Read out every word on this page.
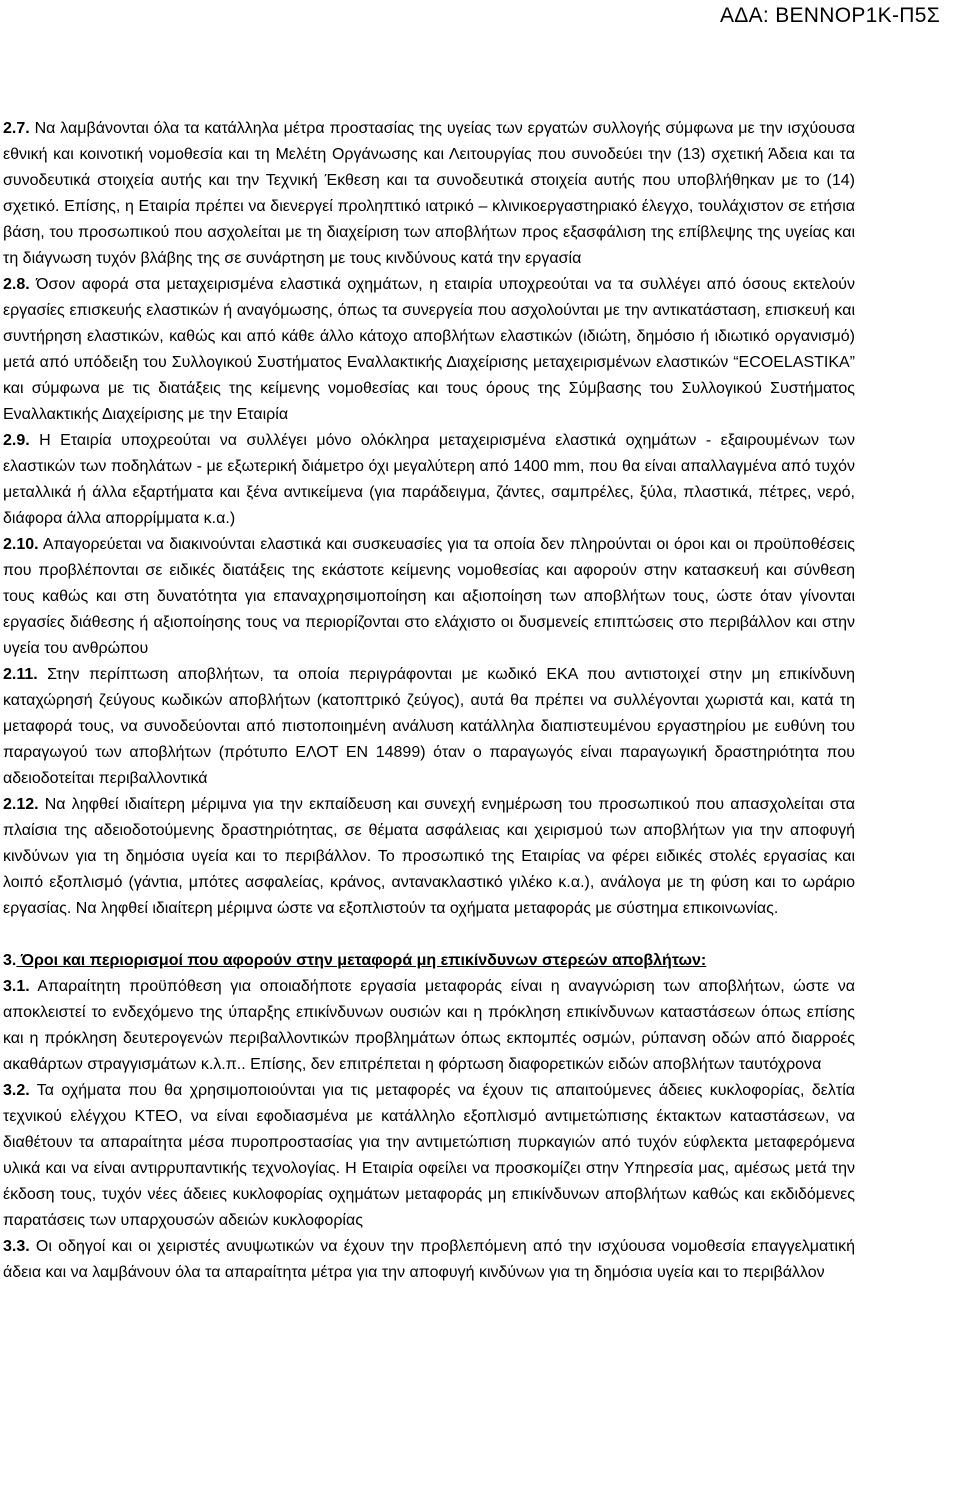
ΑΔΑ: ΒΕΝΝΟΡ1Κ-Π5Σ

2.7. Να λαμβάνονται όλα τα κατάλληλα μέτρα προστασίας της υγείας των εργατών συλλογής σύμφωνα με την ισχύουσα εθνική και κοινοτική νομοθεσία και τη Μελέτη Οργάνωσης και Λειτουργίας που συνοδεύει την (13) σχετική Άδεια και τα συνοδευτικά στοιχεία αυτής και την Τεχνική Έκθεση και τα συνοδευτικά στοιχεία αυτής που υποβλήθηκαν με το (14) σχετικό. Επίσης, η Εταιρία πρέπει να διενεργεί προληπτικό ιατρικό – κλινικοεργαστηριακό έλεγχο, τουλάχιστον σε ετήσια βάση, του προσωπικού που ασχολείται με τη διαχείριση των αποβλήτων προς εξασφάλιση της επίβλεψης της υγείας και τη διάγνωση τυχόν βλάβης της σε συνάρτηση με τους κινδύνους κατά την εργασία

2.8. Όσον αφορά στα μεταχειρισμένα ελαστικά οχημάτων, η εταιρία υποχρεούται να τα συλλέγει από όσους εκτελούν εργασίες επισκευής ελαστικών ή αναγόμωσης, όπως τα συνεργεία που ασχολούνται με την αντικατάσταση, επισκευή και συντήρηση ελαστικών, καθώς και από κάθε άλλο κάτοχο αποβλήτων ελαστικών (ιδιώτη, δημόσιο ή ιδιωτικό οργανισμό) μετά από υπόδειξη του Συλλογικού Συστήματος Εναλλακτικής Διαχείρισης μεταχειρισμένων ελαστικών “ECOELASTIKA” και σύμφωνα με τις διατάξεις της κείμενης νομοθεσίας και τους όρους της Σύμβασης του Συλλογικού Συστήματος Εναλλακτικής Διαχείρισης με την Εταιρία

2.9. Η Εταιρία υποχρεούται να συλλέγει μόνο ολόκληρα μεταχειρισμένα ελαστικά οχημάτων - εξαιρουμένων των ελαστικών των ποδηλάτων - με εξωτερική διάμετρο όχι μεγαλύτερη από 1400 mm, που θα είναι απαλλαγμένα από τυχόν μεταλλικά ή άλλα εξαρτήματα και ξένα αντικείμενα (για παράδειγμα, ζάντες, σαμπρέλες, ξύλα, πλαστικά, πέτρες, νερό, διάφορα άλλα απορρίμματα κ.α.)

2.10. Απαγορεύεται να διακινούνται ελαστικά και συσκευασίες για τα οποία δεν πληρούνται οι όροι και οι προϋποθέσεις που προβλέπονται σε ειδικές διατάξεις της εκάστοτε κείμενης νομοθεσίας και αφορούν στην κατασκευή και σύνθεση τους καθώς και στη δυνατότητα για επαναχρησιμοποίηση και αξιοποίηση των αποβλήτων τους, ώστε όταν γίνονται εργασίες διάθεσης ή αξιοποίησης τους να περιορίζονται στο ελάχιστο οι δυσμενείς επιπτώσεις στο περιβάλλον και στην υγεία του ανθρώπου

2.11. Στην περίπτωση αποβλήτων, τα οποία περιγράφονται με κωδικό ΕΚΑ που αντιστοιχεί στην μη επικίνδυνη καταχώρησή ζεύγους κωδικών αποβλήτων (κατοπτρικό ζεύγος), αυτά θα πρέπει να συλλέγονται χωριστά και, κατά τη μεταφορά τους, να συνοδεύονται από πιστοποιημένη ανάλυση κατάλληλα διαπιστευμένου εργαστηρίου με ευθύνη του παραγωγού των αποβλήτων (πρότυπο ΕΛΟΤ EN 14899) όταν ο παραγωγός είναι παραγωγική δραστηριότητα που αδειοδοτείται περιβαλλοντικά

2.12. Να ληφθεί ιδιαίτερη μέριμνα για την εκπαίδευση και συνεχή ενημέρωση του προσωπικού που απασχολείται στα πλαίσια της αδειοδοτούμενης δραστηριότητας, σε θέματα ασφάλειας και χειρισμού των αποβλήτων για την αποφυγή κινδύνων για τη δημόσια υγεία και το περιβάλλον. Το προσωπικό της Εταιρίας να φέρει ειδικές στολές εργασίας και λοιπό εξοπλισμό (γάντια, μπότες ασφαλείας, κράνος, αντανακλαστικό γιλέκο κ.α.), ανάλογα με τη φύση και το ωράριο εργασίας. Να ληφθεί ιδιαίτερη μέριμνα ώστε να εξοπλιστούν τα οχήματα μεταφοράς με σύστημα επικοινωνίας.

3. Όροι και περιορισμοί που αφορούν στην μεταφορά μη επικίνδυνων στερεών αποβλήτων:

3.1. Απαραίτητη προϋπόθεση για οποιαδήποτε εργασία μεταφοράς είναι η αναγνώριση των αποβλήτων, ώστε να αποκλειστεί το ενδεχόμενο της ύπαρξης επικίνδυνων ουσιών και η πρόκληση επικίνδυνων καταστάσεων όπως επίσης και η πρόκληση δευτερογενών περιβαλλοντικών προβλημάτων όπως εκπομπές οσμών, ρύπανση οδών από διαρροές ακαθάρτων στραγγισμάτων κ.λ.π.. Επίσης, δεν επιτρέπεται η φόρτωση διαφορετικών ειδών αποβλήτων ταυτόχρονα

3.2. Τα οχήματα που θα χρησιμοποιούνται για τις μεταφορές να έχουν τις απαιτούμενες άδειες κυκλοφορίας, δελτία τεχνικού ελέγχου ΚΤΕΟ, να είναι εφοδιασμένα με κατάλληλο εξοπλισμό αντιμετώπισης έκτακτων καταστάσεων, να διαθέτουν τα απαραίτητα μέσα πυροπροστασίας για την αντιμετώπιση πυρκαγιών από τυχόν εύφλεκτα μεταφερόμενα υλικά και να είναι αντιρρυπαντικής τεχνολογίας. Η Εταιρία οφείλει να προσκομίζει στην Υπηρεσία μας, αμέσως μετά την έκδοση τους, τυχόν νέες άδειες κυκλοφορίας οχημάτων μεταφοράς μη επικίνδυνων αποβλήτων καθώς και εκδιδόμενες παρατάσεις των υπαρχουσών αδειών κυκλοφορίας

3.3. Οι οδηγοί και οι χειριστές ανυψωτικών να έχουν την προβλεπόμενη από την ισχύουσα νομοθεσία επαγγελματική άδεια και να λαμβάνουν όλα τα απαραίτητα μέτρα για την αποφυγή κινδύνων για τη δημόσια υγεία και το περιβάλλον
